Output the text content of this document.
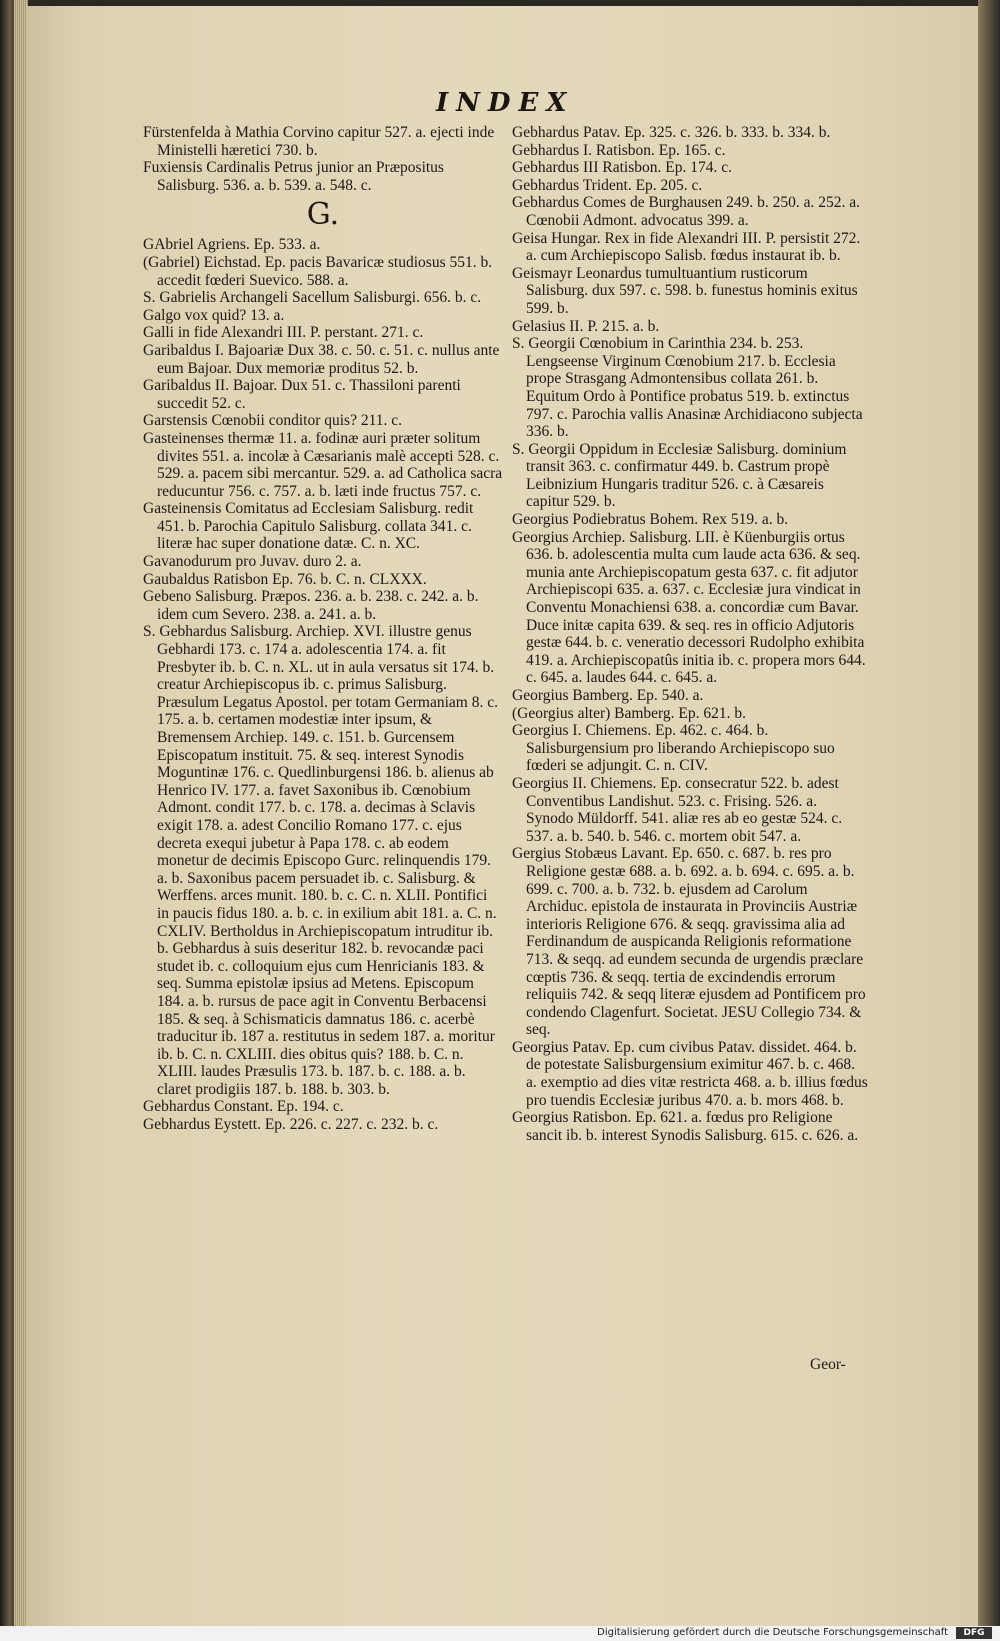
INDEX

Fürstenfelda à Mathia Corvino capitur 527. a. ejecti inde Ministelli hæretici 730. b.

Fuxiensis Cardinalis Petrus junior an Præpositus Salisburg. 536. a. b. 539. a. 548. c.

G.

GAbriel Agriens. Ep. 533. a.

(Gabriel) Eichstad. Ep. pacis Bavaricæ studiosus 551. b. accedit fœderi Suevico. 588. a.

S. Gabrielis Archangeli Sacellum Salisburgi. 656. b. c.

Galgo vox quid? 13. a.

Galli in fide Alexandri III. P. perstant. 271. c.

Garibaldus I. Bajoariæ Dux 38. c. 50. c. 51. c. nullus ante eum Bajoar. Dux memoriæ proditus 52. b.

Garibaldus II. Bajoar. Dux 51. c. Thassiloni parenti succedit 52. c.

Garstensis Cœnobii conditor quis? 211. c.

Gasteinenses thermæ 11. a. fodinæ auri præter solitum divites 551. a. incolæ à Cæsarianis malè accepti 528. c. 529. a. pacem sibi mercantur. 529. a. ad Catholica sacra reducuntur 756. c. 757. a. b. læti inde fructus 757. c.

Gasteinensis Comitatus ad Ecclesiam Salisburg. redit 451. b. Parochia Capitulo Salisburg. collata 341. c. literæ hac super donatione datæ. C. n. XC.

Gavanodurum pro Juvav. duro 2. a.

Gaubaldus Ratisbon Ep. 76. b. C. n. CLXXX.

Gebeno Salisburg. Præpos. 236. a. b. 238. c. 242. a. b. idem cum Severo. 238. a. 241. a. b.

S. Gebhardus Salisburg. Archiep. XVI. illustre genus Gebhardi 173. c. 174 a. adolescentia 174. a. fit Presbyter ib. b. C. n. XL. ut in aula versatus sit 174. b. creatur Archiepiscopus ib. c. primus Salisburg. Præsulum Legatus Apostol. per totam Germaniam 8. c. 175. a. b. certamen modestiæ inter ipsum, & Bremensem Archiep. 149. c. 151. b. Gurcensem Episcopatum instituit. 75. & seq. interest Synodis Moguntinæ 176. c. Quedlinburgensi 186. b. alienus ab Henrico IV. 177. a. favet Saxonibus ib. Cœnobium Admont. condit 177. b. c. 178. a. decimas à Sclavis exigit 178. a. adest Concilio Romano 177. c. ejus decreta exequi jubetur à Papa 178. c. ab eodem monetur de decimis Episcopo Gurc. relinquendis 179. a. b. Saxonibus pacem persuadet ib. c. Salisburg. & Werffens. arces munit. 180. b. c. C. n. XLII. Pontifici in paucis fidus 180. a. b. c. in exilium abit 181. a. C. n. CXLIV. Bertholdus in Archiepiscopatum intruditur ib. b. Gebhardus à suis deseritur 182. b. revocandæ paci studet ib. c. colloquium ejus cum Henricianis 183. & seq. Summa epistolæ ipsius ad Metens. Episcopum 184. a. b. rursus de pace agit in Conventu Berbacensi 185. & seq. à Schismaticis damnatus 186. c. acerbè traducitur ib. 187 a. restitutus in sedem 187. a. moritur ib. b. C. n. CXLIII. dies obitus quis? 188. b. C. n. XLIII. laudes Præsulis 173. b. 187. b. c. 188. a. b. claret prodigiis 187. b. 188. b. 303. b.

Gebhardus Constant. Ep. 194. c.

Gebhardus Eystett. Ep. 226. c. 227. c. 232. b. c.

Gebhardus Patav. Ep. 325. c. 326. b. 333. b. 334. b.

Gebhardus I. Ratisbon. Ep. 165. c.

Gebhardus III Ratisbon. Ep. 174. c.

Gebhardus Trident. Ep. 205. c.

Gebhardus Comes de Burghausen 249. b. 250. a. 252. a. Cœnobii Admont. advocatus 399. a.

Geisa Hungar. Rex in fide Alexandri III. P. persistit 272. a. cum Archiepiscopo Salisb. fœdus instaurat ib. b.

Geismayr Leonardus tumultuantium rusticorum Salisburg. dux 597. c. 598. b. funestus hominis exitus 599. b.

Gelasius II. P. 215. a. b.

S. Georgii Cœnobium in Carinthia 234. b. 253. Lengseense Virginum Cœnobium 217. b. Ecclesia prope Strasgang Admontensibus collata 261. b. Equitum Ordo à Pontifice probatus 519. b. extinctus 797. c. Parochia vallis Anasinæ Archidiacono subjecta 336. b.

S. Georgii Oppidum in Ecclesiæ Salisburg. dominium transit 363. c. confirmatur 449. b. Castrum propè Leibnizium Hungaris traditur 526. c. à Cæsareis capitur 529. b.

Georgius Podiebratus Bohem. Rex 519. a. b.

Georgius Archiep. Salisburg. LII. è Küenburgiis ortus 636. b. adolescentia multa cum laude acta 636. & seq. munia ante Archiepiscopatum gesta 637. c. fit adjutor Archiepiscopi 635. a. 637. c. Ecclesiæ jura vindicat in Conventu Monachiensi 638. a. concordiæ cum Bavar. Duce initæ capita 639. & seq. res in officio Adjutoris gestæ 644. b. c. veneratio decessori Rudolpho exhibita 419. a. Archiepiscopatûs initia ib. c. propera mors 644. c. 645. a. laudes 644. c. 645. a.

Georgius Bamberg. Ep. 540. a.

(Georgius alter) Bamberg. Ep. 621. b.

Georgius I. Chiemens. Ep. 462. c. 464. b. Salisburgensium pro liberando Archiepiscopo suo fœderi se adjungit. C. n. CIV.

Georgius II. Chiemens. Ep. consecratur 522. b. adest Conventibus Landishut. 523. c. Frising. 526. a. Synodo Müldorff. 541. aliæ res ab eo gestæ 524. c. 537. a. b. 540. b. 546. c. mortem obit 547. a.

Gergius Stobæus Lavant. Ep. 650. c. 687. b. res pro Religione gestæ 688. a. b. 692. a. b. 694. c. 695. a. b. 699. c. 700. a. b. 732. b. ejusdem ad Carolum Archiduc. epistola de instaurata in Provinciis Austriæ interioris Religione 676. & seqq. gravissima alia ad Ferdinandum de auspicanda Religionis reformatione 713. & seqq. ad eundem secunda de urgendis præclare cœptis 736. & seqq. tertia de excindendis errorum reliquiis 742. & seqq literæ ejusdem ad Pontificem pro condendo Clagenfurt. Societat. JESU Collegio 734. & seq.

Georgius Patav. Ep. cum civibus Patav. dissidet. 464. b. de potestate Salisburgensium eximitur 467. b. c. 468. a. exemptio ad dies vitæ restricta 468. a. b. illius fœdus pro tuendis Ecclesiæ juribus 470. a. b. mors 468. b.

Georgius Ratisbon. Ep. 621. a. fœdus pro Religione sancit ib. b. interest Synodis Salisburg. 615. c. 626. a.

Geor-
Digitalisierung gefördert durch die Deutsche Forschungsgemeinschaft	DFG
